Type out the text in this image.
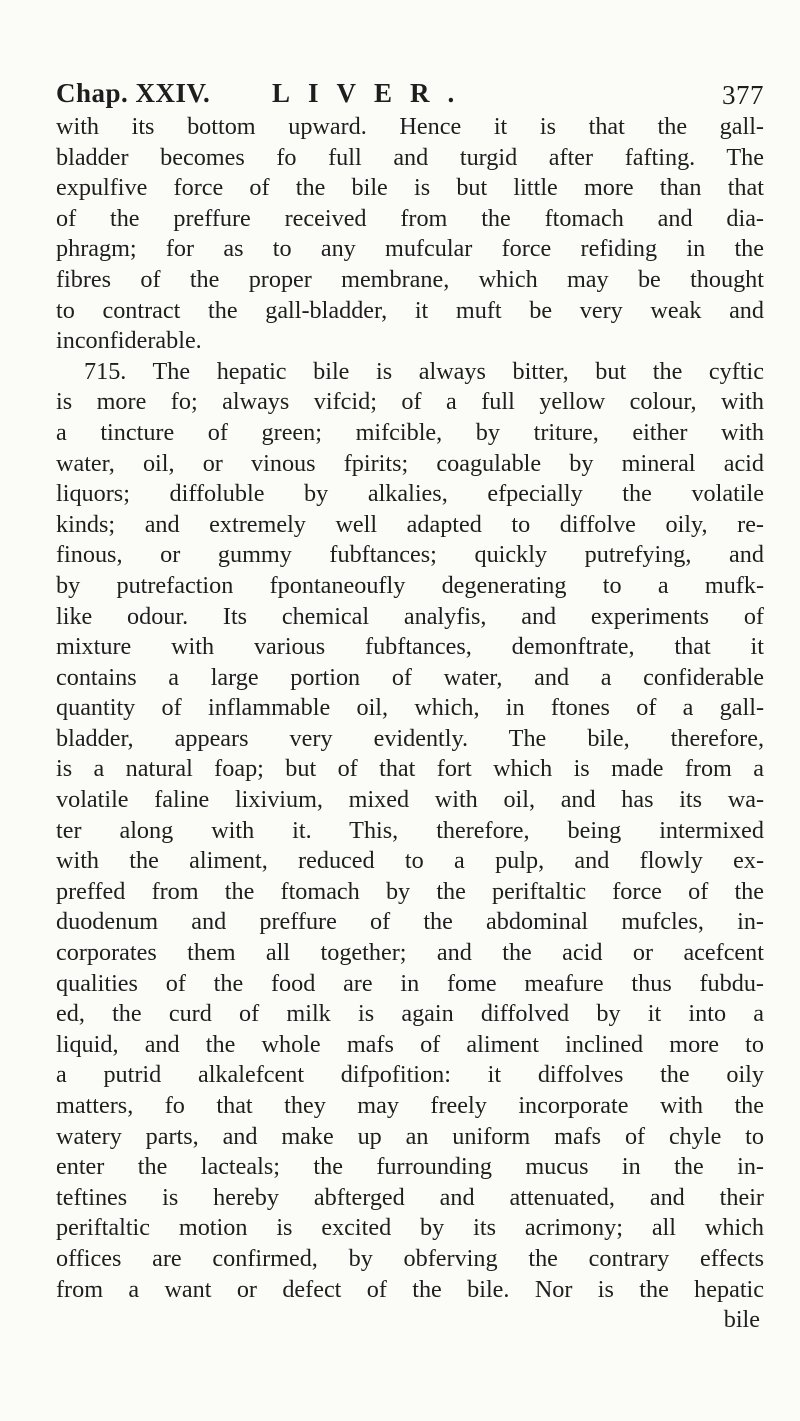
Chap. XXIV. LIVER.	377
with its bottom upward. Hence it is that the gall-
bladder becomes fo full and turgid after fafting. The
expulfive force of the bile is but little more than that
of the preffure received from the ftomach and dia-
phragm; for as to any mufcular force refiding in the
fibres of the proper membrane, which may be thought
to contract the gall-bladder, it muft be very weak and
inconfiderable.
715. The hepatic bile is always bitter, but the cyftic
is more fo; always vifcid; of a full yellow colour, with
a tincture of green; mifcible, by triture, either with
water, oil, or vinous fpirits; coagulable by mineral acid
liquors; diffoluble by alkalies, efpecially the volatile
kinds; and extremely well adapted to diffolve oily, re-
finous, or gummy fubftances; quickly putrefying, and
by putrefaction fpontaneoufly degenerating to a mufk-
like odour. Its chemical analyfis, and experiments of
mixture with various fubftances, demonftrate, that it
contains a large portion of water, and a confiderable
quantity of inflammable oil, which, in ftones of a gall-
bladder, appears very evidently. The bile, therefore,
is a natural foap; but of that fort which is made from a
volatile faline lixivium, mixed with oil, and has its wa-
ter along with it. This, therefore, being intermixed
with the aliment, reduced to a pulp, and flowly ex-
preffed from the ftomach by the periftaltic force of the
duodenum and preffure of the abdominal mufcles, in-
corporates them all together; and the acid or acefcent
qualities of the food are in fome meafure thus fubdu-
ed, the curd of milk is again diffolved by it into a
liquid, and the whole mafs of aliment inclined more to
a putrid alkalefcent difpofition: it diffolves the oily
matters, fo that they may freely incorporate with the
watery parts, and make up an uniform mafs of chyle to
enter the lacteals; the furrounding mucus in the in-
teftines is hereby abfterged and attenuated, and their
periftaltic motion is excited by its acrimony; all which
offices are confirmed, by obferving the contrary effects
from a want or defect of the bile. Nor is the hepatic
bile
